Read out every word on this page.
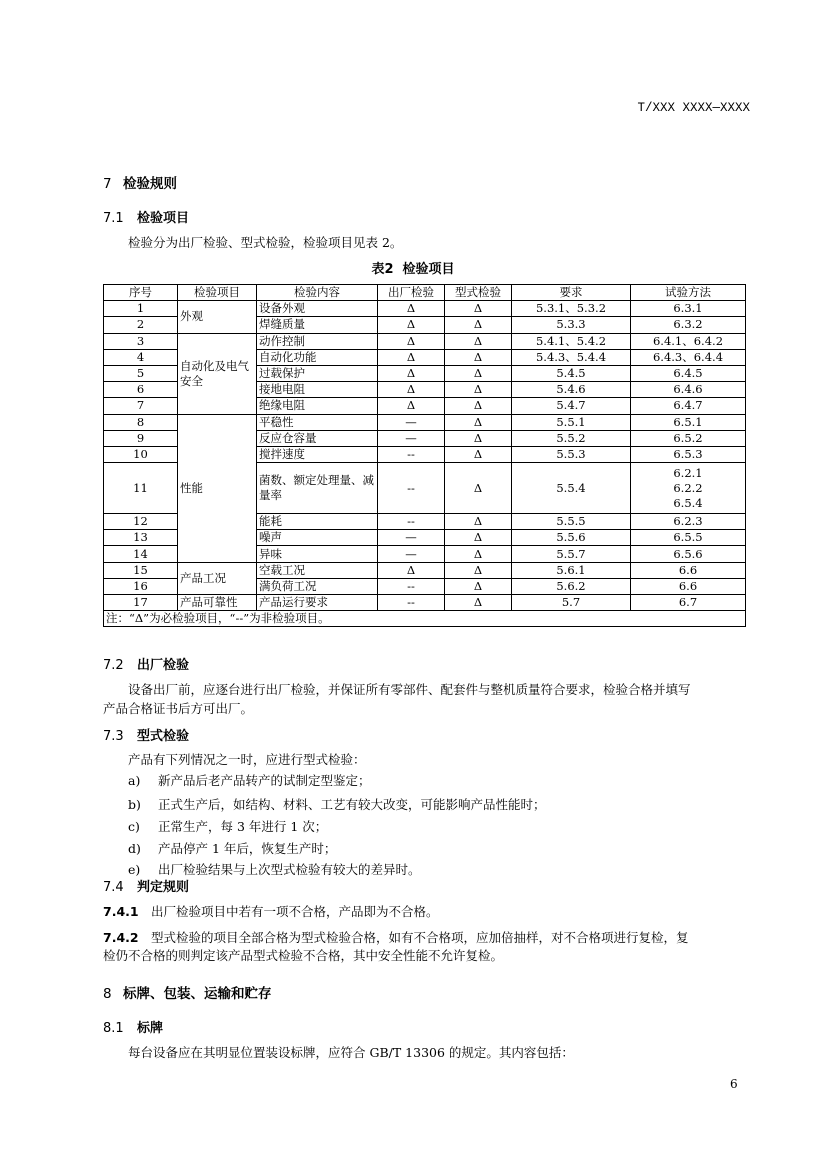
T/XXX XXXX—XXXX
7 检验规则
7.1 检验项目
检验分为出厂检验、型式检验，检验项目见表 2。
表2 检验项目
序号	检验项目	检验内容	出厂检验	型式检验	要求	试验方法
1	外观	设备外观	Δ	Δ	5.3.1、5.3.2	6.3.1
2		焊缝质量	Δ	Δ	5.3.3	6.3.2
3	自动化及电气安全	动作控制	Δ	Δ	5.4.1、5.4.2	6.4.1、6.4.2
4		自动化功能	Δ	Δ	5.4.3、5.4.4	6.4.3、6.4.4
5		过载保护	Δ	Δ	5.4.5	6.4.5
6		接地电阻	Δ	Δ	5.4.6	6.4.6
7		绝缘电阻	Δ	Δ	5.4.7	6.4.7
8	性能	平稳性	—	Δ	5.5.1	6.5.1
9		反应仓容量	—	Δ	5.5.2	6.5.2
10		搅拌速度	--	Δ	5.5.3	6.5.3
11		菌数、额定处理量、减量率	--	Δ	5.5.4	6.2.1
6.2.2
6.5.4

12		能耗	--	Δ	5.5.5	6.2.3
13		噪声	—	Δ	5.5.6	6.5.5
14		异味	—	Δ	5.5.7	6.5.6
15	产品工况	空载工况	Δ	Δ	5.6.1	6.6
16		满负荷工况	--	Δ	5.6.2	6.6
17	产品可靠性	产品运行要求	--	Δ	5.7	6.7
注：“Δ”为必检验项目，“--”为非检验项目。						
7.2 出厂检验
设备出厂前，应逐台进行出厂检验，并保证所有零部件、配套件与整机质量符合要求，检验合格并填写
产品合格证书后方可出厂。
7.3 型式检验
产品有下列情况之一时，应进行型式检验：
a) 新产品后老产品转产的试制定型鉴定；
b) 正式生产后，如结构、材料、工艺有较大改变，可能影响产品性能时；
c) 正常生产，每 3 年进行 1 次；
d) 产品停产 1 年后，恢复生产时；
e) 出厂检验结果与上次型式检验有较大的差异时。
7.4 判定规则
7.4.1 出厂检验项目中若有一项不合格，产品即为不合格。
7.4.2 型式检验的项目全部合格为型式检验合格，如有不合格项，应加倍抽样，对不合格项进行复检，复
检仍不合格的则判定该产品型式检验不合格，其中安全性能不允许复检。
8 标牌、包装、运输和贮存
8.1 标牌
每台设备应在其明显位置装设标牌，应符合 GB/T 13306 的规定。其内容包括：
6
